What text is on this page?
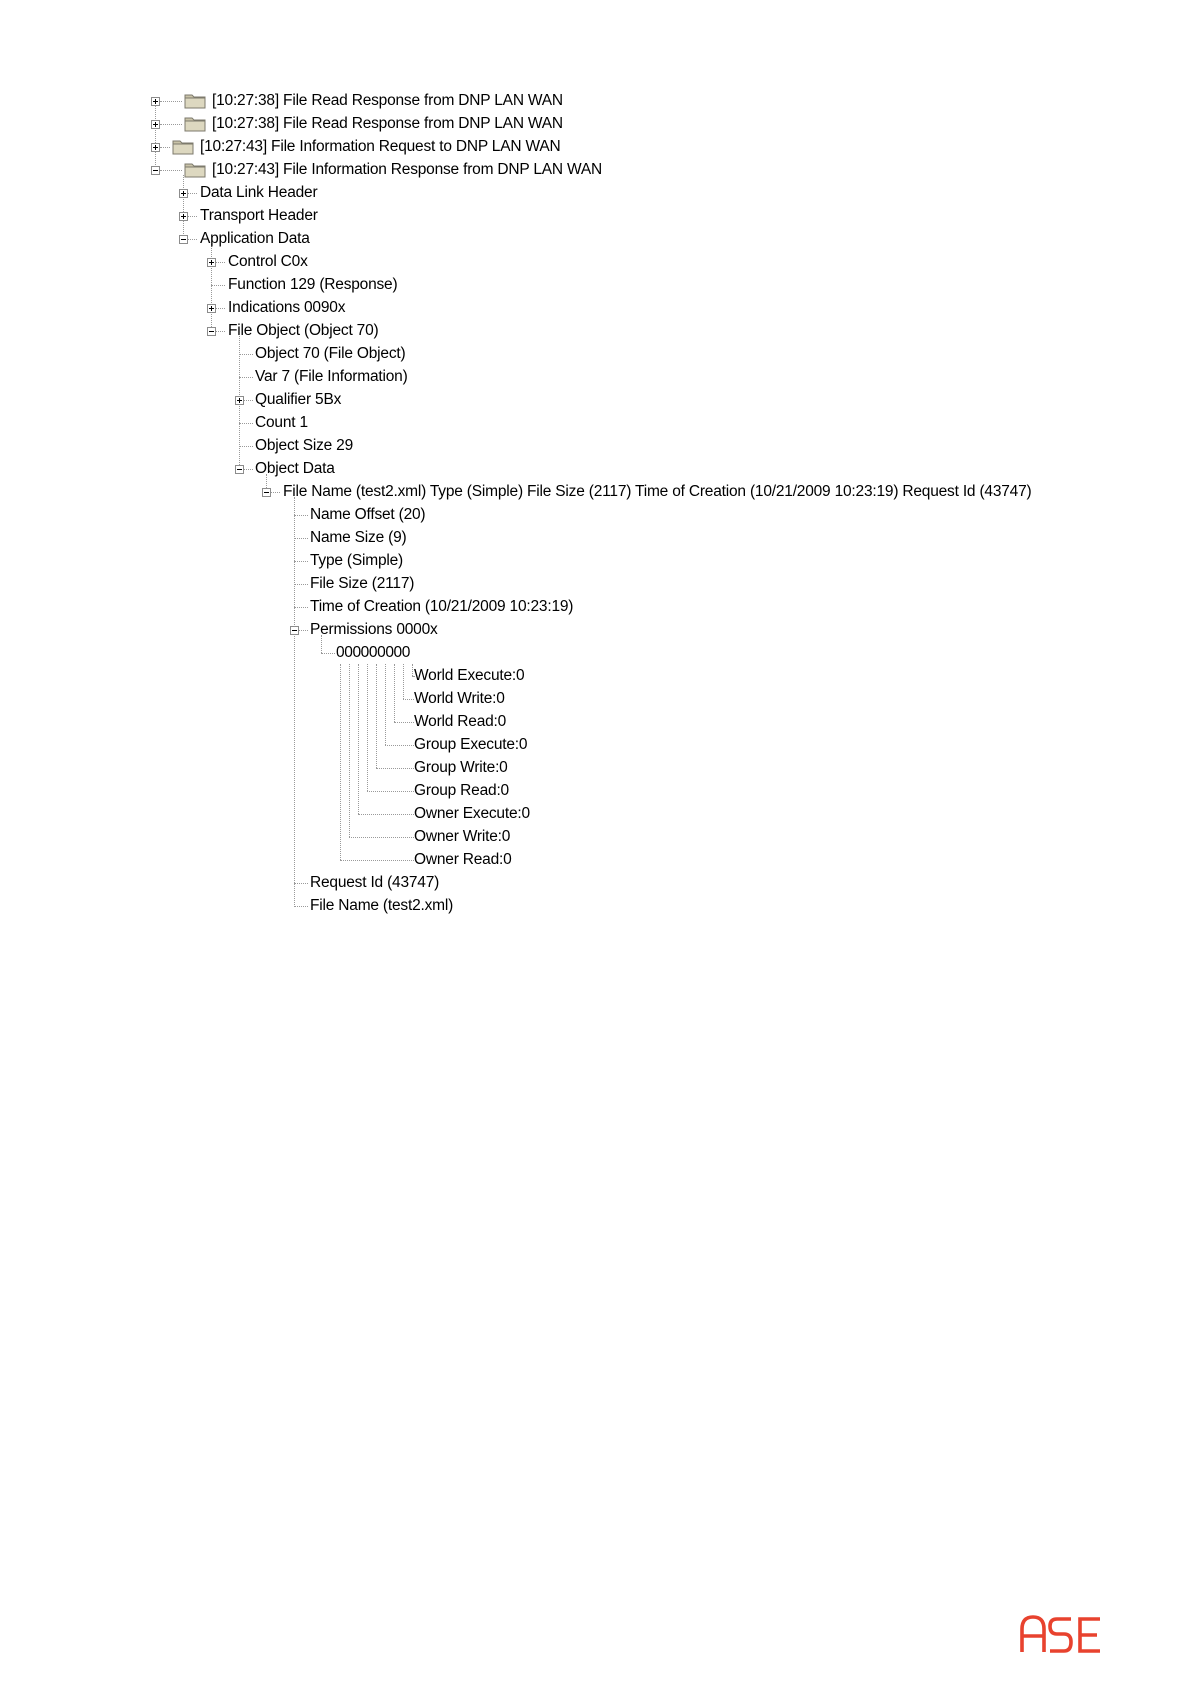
[10:27:38] File Read Response from DNP LAN WAN
[10:27:38] File Read Response from DNP LAN WAN
[10:27:43] File Information Request to DNP LAN WAN
[10:27:43] File Information Response from DNP LAN WAN
Data Link Header
Transport Header
Application Data
Control C0x
Function 129 (Response)
Indications 0090x
File Object (Object 70)
Object 70 (File Object)
Var 7 (File Information)
Qualifier 5Bx
Count 1
Object Size 29
Object Data
File Name (test2.xml) Type (Simple) File Size (2117) Time of Creation (10/21/2009 10:23:19) Request Id (43747)
Name Offset (20)
Name Size (9)
Type (Simple)
File Size (2117)
Time of Creation (10/21/2009 10:23:19)
Permissions 0000x
000000000
World Execute:0
World Write:0
World Read:0
Group Execute:0
Group Write:0
Group Read:0
Owner Execute:0
Owner Write:0
Owner Read:0
Request Id (43747)
File Name (test2.xml)
